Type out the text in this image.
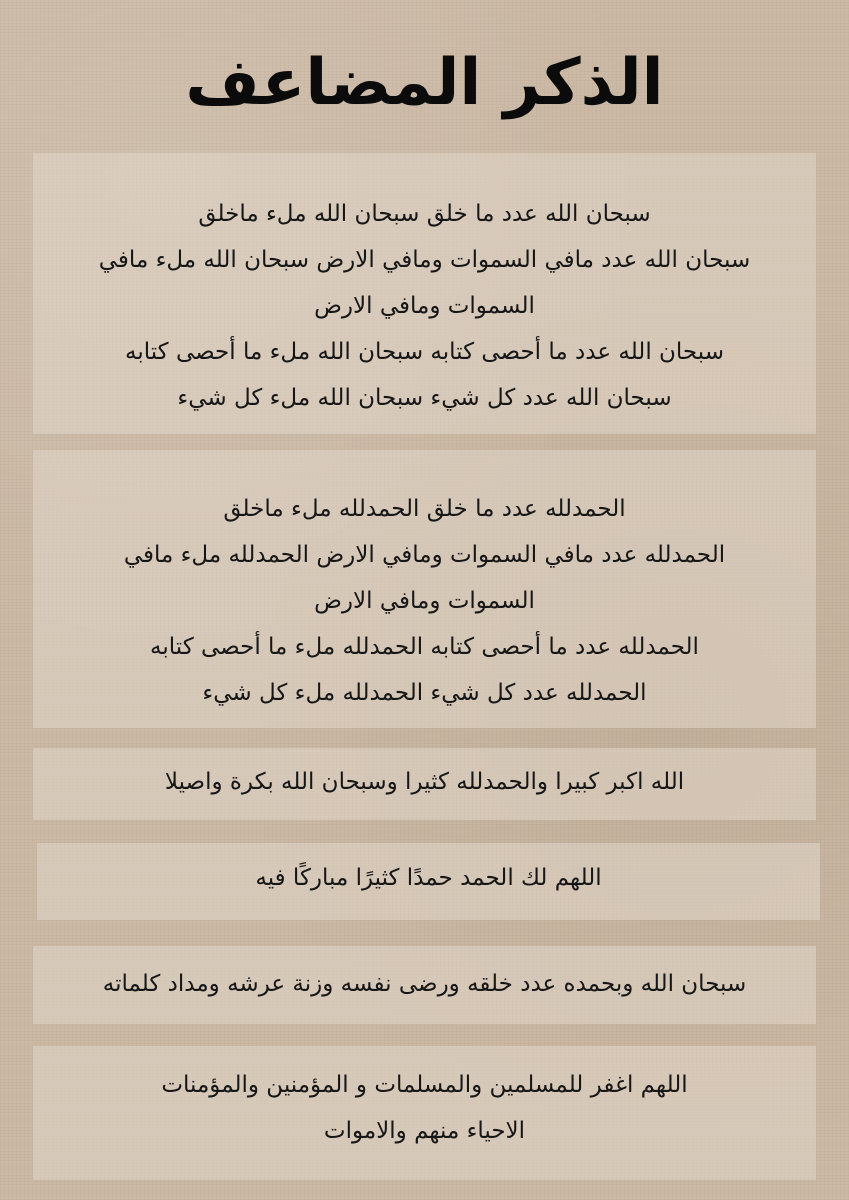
الذكر المضاعف
سبحان الله عدد ما خلق سبحان الله ملء ماخلق
سبحان الله عدد مافي السموات ومافي الارض سبحان الله ملء مافي
السموات ومافي الارض
سبحان الله عدد ما أحصى كتابه سبحان الله ملء ما أحصى كتابه
سبحان الله عدد كل شيء سبحان الله ملء كل شيء
الحمدلله عدد ما خلق الحمدلله ملء ماخلق
الحمدلله عدد مافي السموات ومافي الارض الحمدلله ملء مافي
السموات ومافي الارض
الحمدلله عدد ما أحصى كتابه الحمدلله ملء ما أحصى كتابه
الحمدلله عدد كل شيء الحمدلله ملء كل شيء
الله اكبر كبيرا والحمدلله كثيرا وسبحان الله بكرة واصيلا
اللهم لك الحمد حمدًا كثيرًا مباركًا فيه
سبحان الله وبحمده عدد خلقه ورضى نفسه وزنة عرشه ومداد كلماته
اللهم اغفر للمسلمين والمسلمات و المؤمنين والمؤمنات
الاحياء منهم والاموات
